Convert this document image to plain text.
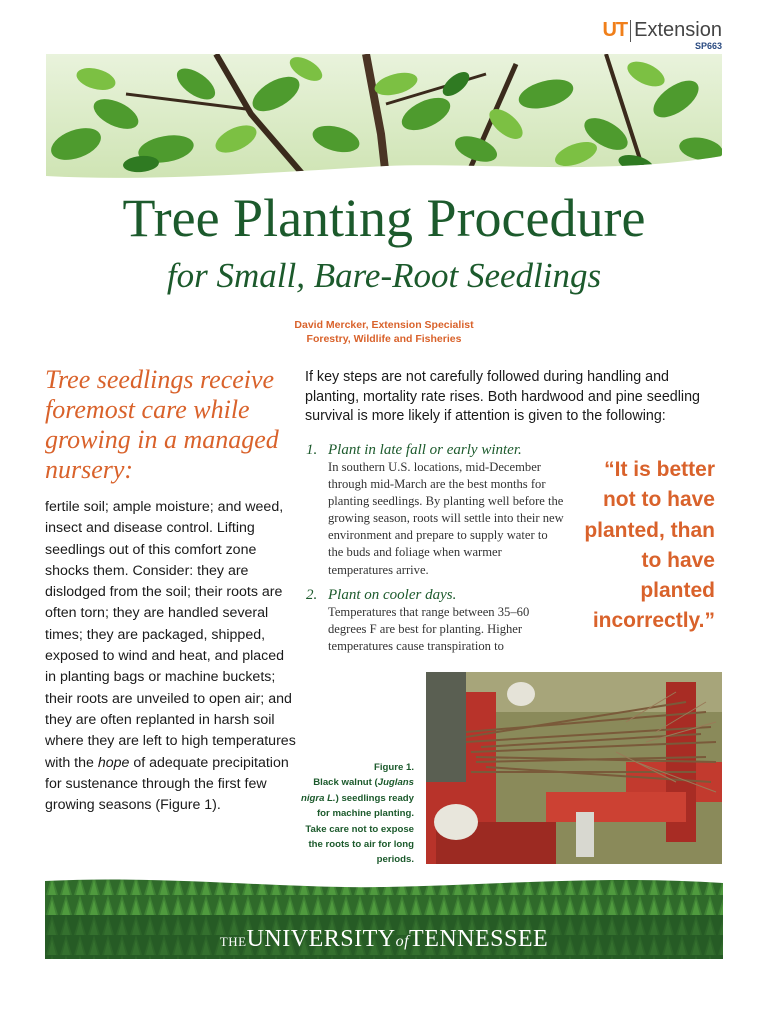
UT Extension
SP663
Tree Planting Procedure
for Small, Bare-Root Seedlings
David Mercker, Extension Specialist
Forestry, Wildlife and Fisheries
Tree seedlings receive foremost care while growing in a managed nursery:
fertile soil; ample moisture; and weed, insect and disease control. Lifting seedlings out of this comfort zone shocks them. Consider: they are dislodged from the soil; their roots are often torn; they are handled several times; they are packaged, shipped, exposed to wind and heat, and placed in planting bags or machine buckets; their roots are unveiled to open air; and they are often replanted in harsh soil where they are left to high temperatures with the hope of adequate precipitation for sustenance through the first few growing seasons (Figure 1).
If key steps are not carefully followed during handling and planting, mortality rate rises. Both hardwood and pine seedling survival is more likely if attention is given to the following:
1. Plant in late fall or early winter.
In southern U.S. locations, mid-December through mid-March are the best months for planting seedlings. By planting well before the growing season, roots will settle into their new environment and prepare to supply water to the buds and foliage when warmer temperatures arrive.
2. Plant on cooler days.
Temperatures that range between 35–60 degrees F are best for planting. Higher temperatures cause transpiration to
“It is better not to have planted, than to have planted incorrectly.”
Figure 1.
Black walnut (Juglans nigra L.) seedlings ready for machine planting. Take care not to expose the roots to air for long periods.
THEUNIVERSITYofTENNESSEE
